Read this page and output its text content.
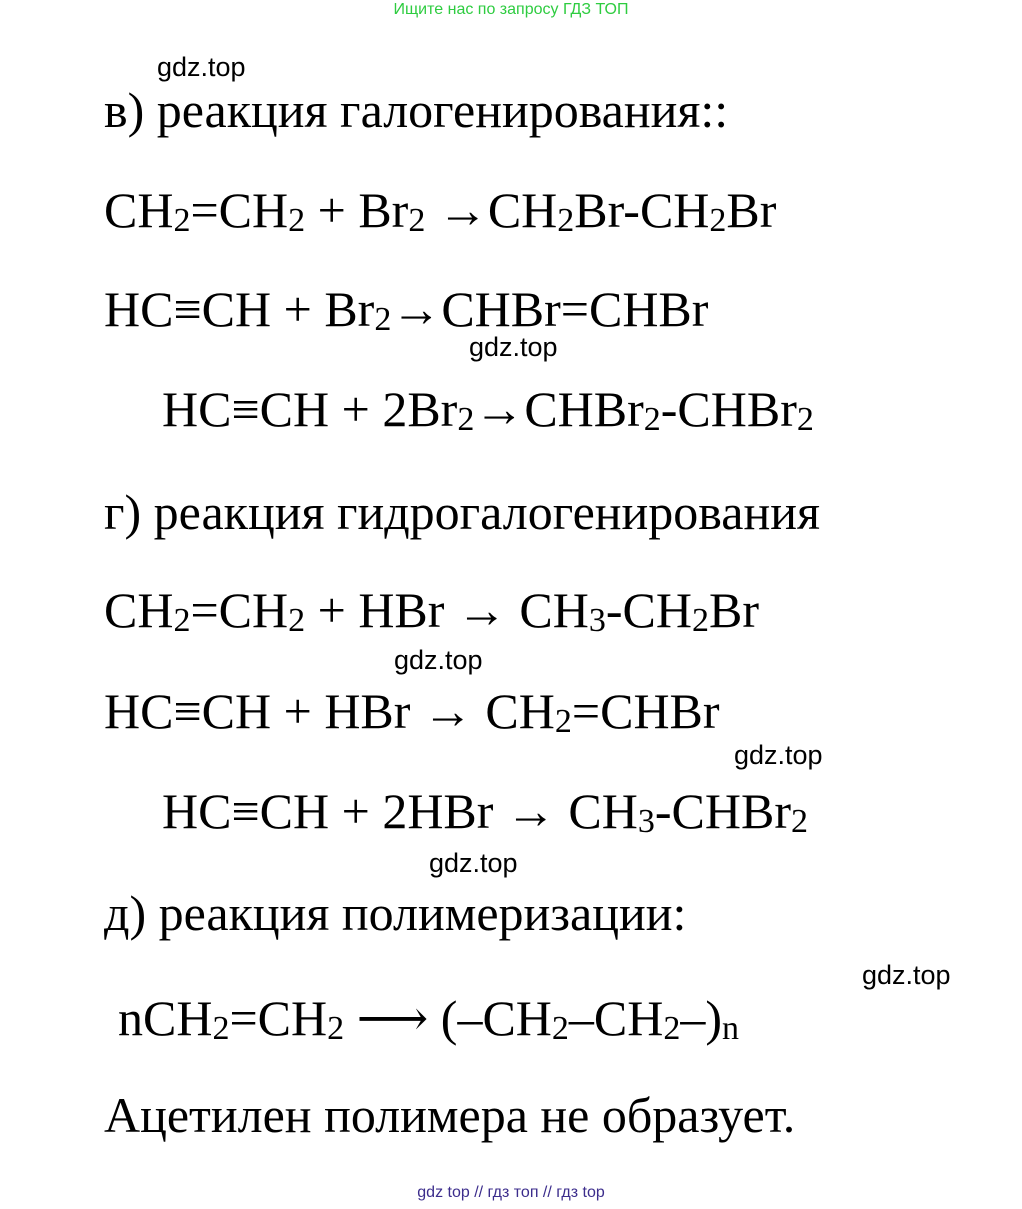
Ищите нас по запросу ГДЗ ТОП
gdz.top
gdz.top
gdz.top
gdz.top
gdz.top
gdz.top
в) реакция галогенирования::
$CH_2=CH_2 + Br_2 \to CH_2Br-CH_2Br$
$HC\equiv CH + Br_2\to CHBr=CHBr$
$HC\equiv CH + 2Br_2\to CHBr_2-CHBr_2$
г) реакция гидрогалогенирования
$CH_2=CH_2$ + HBr → $CH_3-CH_2Br$
HC≡CH + HBr → $CH_2=CHBr$
$HC\equiv CH + 2HBr \to CH_3-CHBr_2$
д) реакция полимеризации:
$nCH_2=CH_2$ ⟶ $(-CH_2-CH_2-)_n$
Ацетилен полимера не образует.
gdz top // гдз топ // гдз top
